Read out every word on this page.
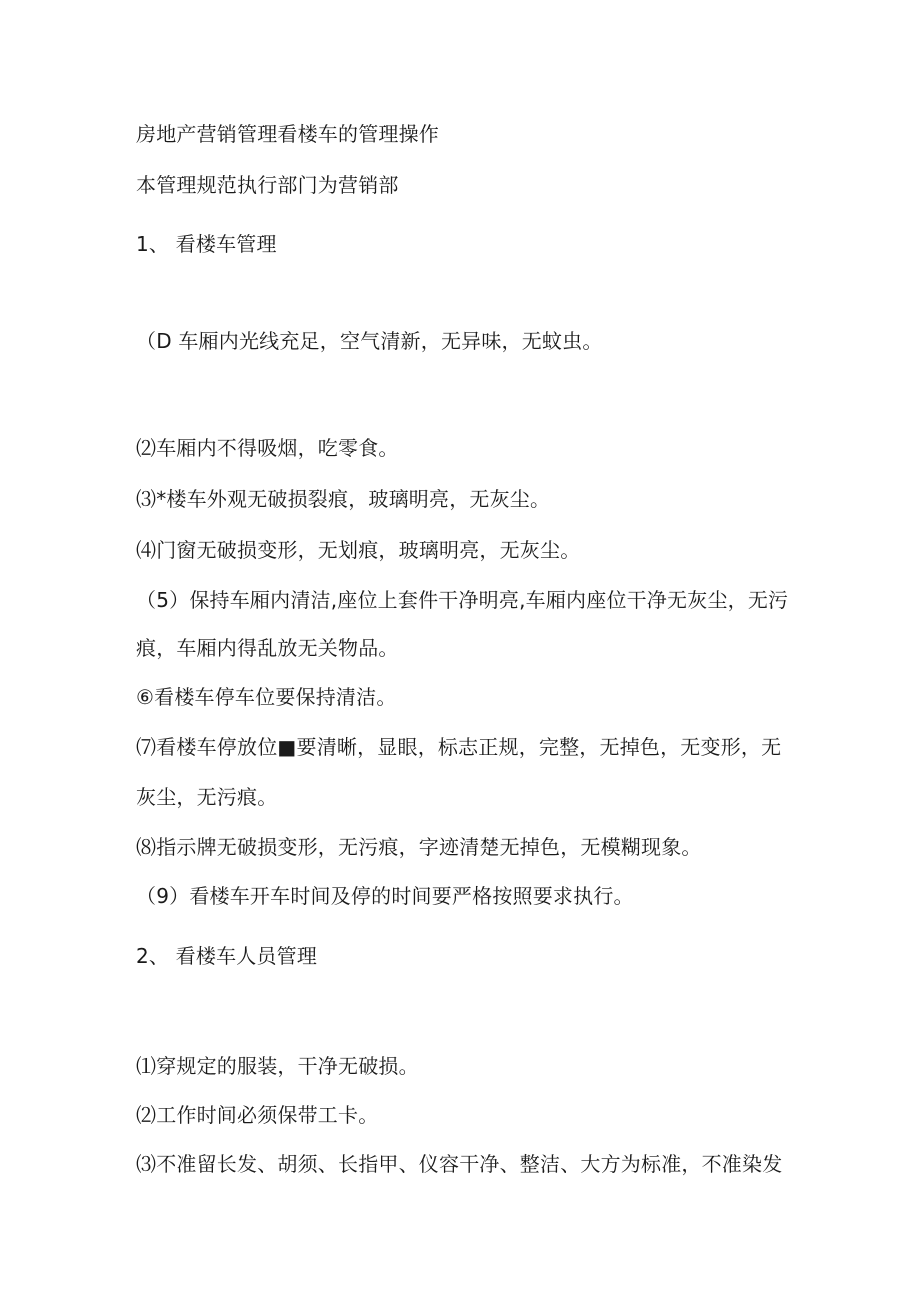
房地产营销管理看楼车的管理操作
本管理规范执行部门为营销部
1、 看楼车管理
（D 车厢内光线充足，空气清新，无异味，无蚊虫。
⑵车厢内不得吸烟，吃零食。
⑶*楼车外观无破损裂痕，玻璃明亮，无灰尘。
⑷门窗无破损变形，无划痕，玻璃明亮，无灰尘。
（5）保持车厢内清洁,座位上套件干净明亮,车厢内座位干净无灰尘，无污
痕，车厢内得乱放无关物品。
⑥看楼车停车位要保持清洁。
⑺看楼车停放位■要清晰，显眼，标志正规，完整，无掉色，无变形，无
灰尘，无污痕。
⑻指示牌无破损变形，无污痕，字迹清楚无掉色，无模糊现象。
（9）看楼车开车时间及停的时间要严格按照要求执行。
2、 看楼车人员管理
⑴穿规定的服装，干净无破损。
⑵工作时间必须保带工卡。
⑶不准留长发、胡须、长指甲、仪容干净、整洁、大方为标准，不准染发
